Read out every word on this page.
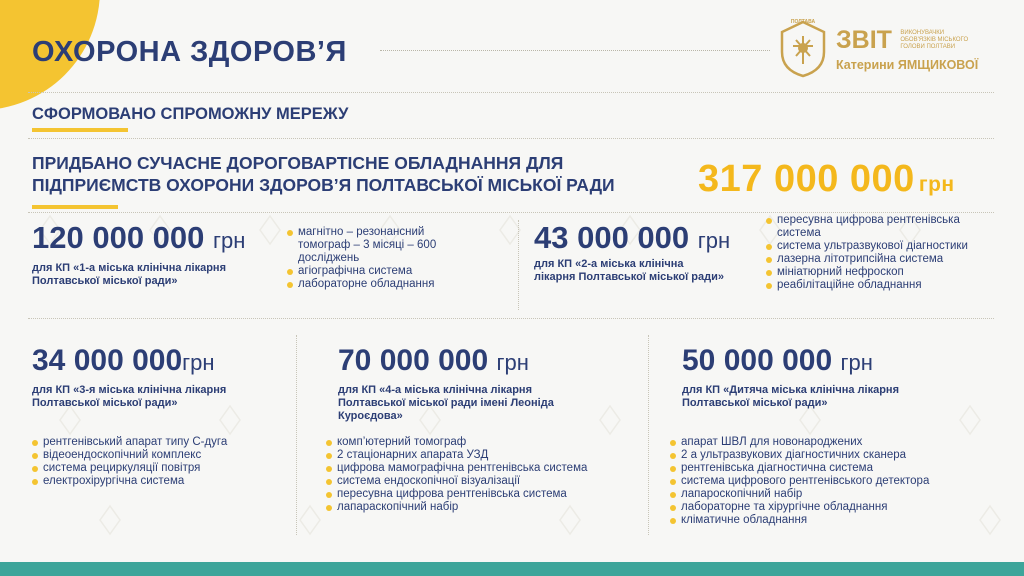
ОХОРОНА ЗДОРОВ’Я
ПОЛТАВА
ЗВІТ ВИКОНУВАЧКИ ОБОВ'ЯЗКІВ МІСЬКОГО ГОЛОВИ ПОЛТАВИ
Катерини ЯМЩИКОВОЇ
СФОРМОВАНО СПРОМОЖНУ МЕРЕЖУ
ПРИДБАНО СУЧАСНЕ ДОРОГОВАРТІСНЕ ОБЛАДНАННЯ ДЛЯ ПІДПРИЄМСТВ ОХОРОНИ ЗДОРОВ’Я ПОЛТАВСЬКОЇ МІСЬКОЇ РАДИ	317 000 000 грн
120 000 000 грн
для КП «1-а міська клінічна лікарня Полтавської міської ради»
магнітно – резонансний томограф – 3 місяці – 600 досліджень
агіографічна система
лабораторне обладнання
43 000 000 грн
для КП «2-а міська клінічна лікарня Полтавської міської ради»
пересувна цифрова рентгенівська система
система ультразвукової діагностики
лазерна літотрипсійна система
мініатюрний нефроскоп
реабілітаційне обладнання
34 000 000грн
для КП «3-я міська клінічна лікарня Полтавської міської ради»
рентгенівський апарат типу С-дуга
відеоендоскопічний комплекс
система рециркуляції повітря
електрохірургічна система
70 000 000 грн
для КП «4-а міська клінічна лікарня Полтавської міської ради імені Леоніда Куроєдова»
комп’ютерний томограф
2 стаціонарних апарата УЗД
цифрова мамографічна рентгенівська система
система ендоскопічної візуалізації
пересувна цифрова рентгенівська система
лапараскопічний набір
50 000 000 грн
для КП «Дитяча міська клінічна лікарня Полтавської міської ради»
апарат ШВЛ для новонароджених
2 а ультразвукових діагностичних сканера
рентгенівська діагностична система
система цифрового рентгенівського детектора
лапароскопічний набір
лабораторне та хірургічне обладнання
кліматичне обладнання
